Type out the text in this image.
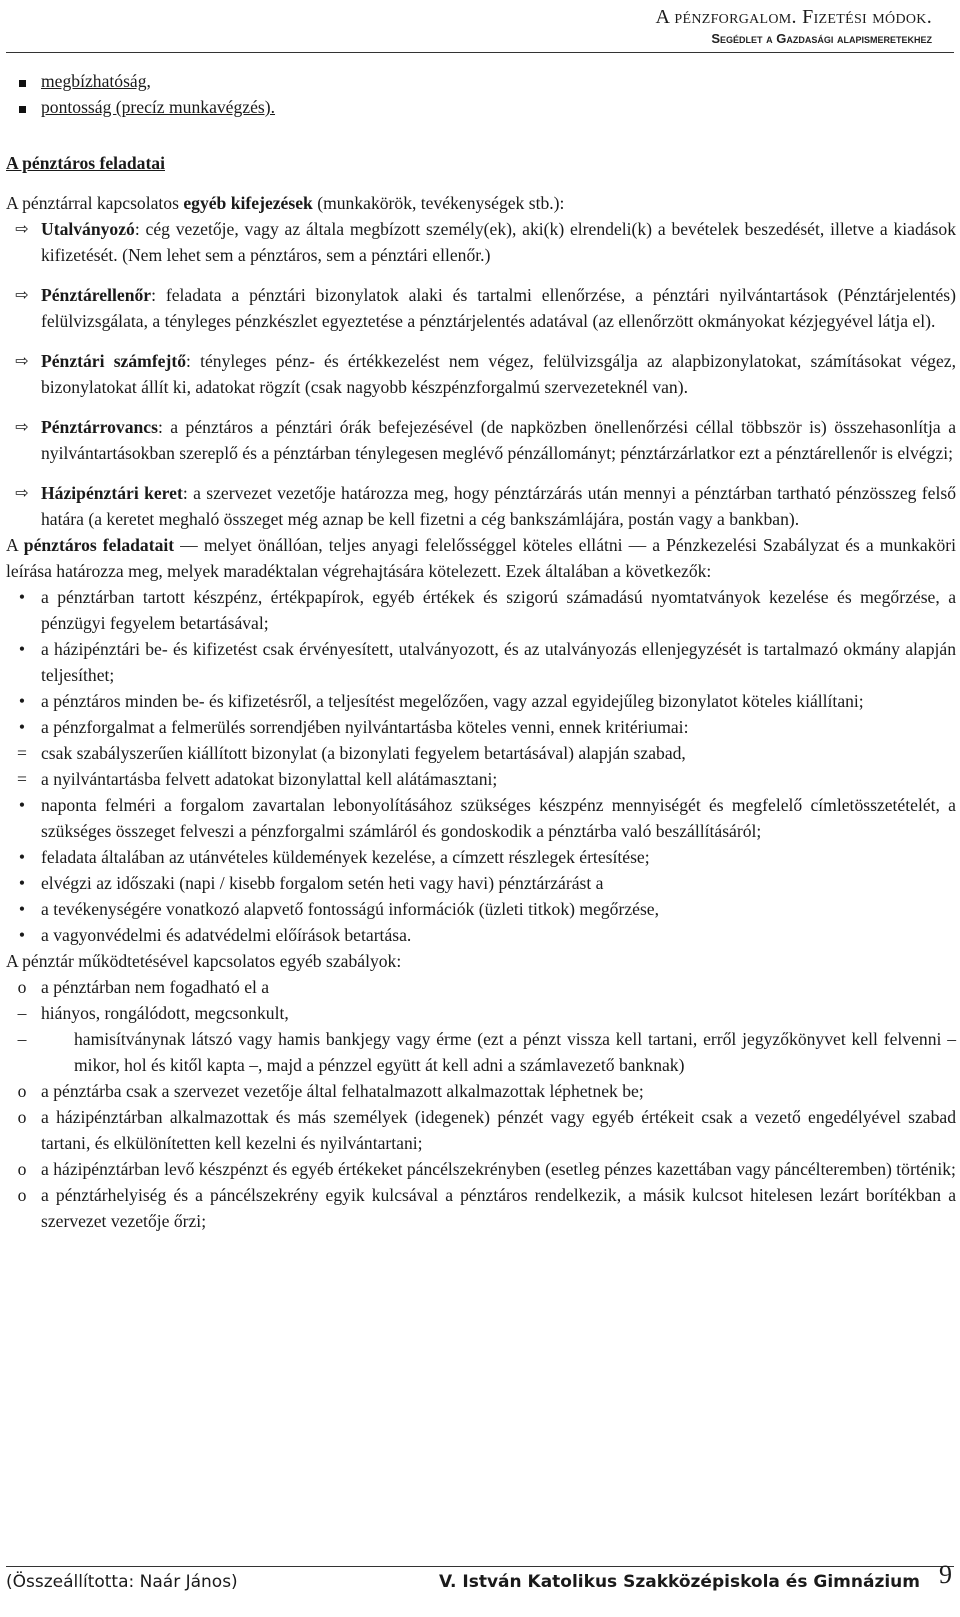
A pénzforgalom. Fizetési módok.
Segédlet a Gazdasági alapismeretekhez
megbízhatóság,
pontosság (precíz munkavégzés).

A pénztáros feladatai

A pénztárral kapcsolatos egyéb kifejezések (munkakörök, tevékenységek stb.):

⇨ Utalványozó: cég vezetője, vagy az általa megbízott személy(ek), aki(k) elrendeli(k) a bevételek beszedését, illetve a kiadások kifizetését. (Nem lehet sem a pénztáros, sem a pénztári ellenőr.)
⇨ Pénztárellenőr: feladata a pénztári bizonylatok alaki és tartalmi ellenőrzése, a pénztári nyilvántartások (Pénztárjelentés) felülvizsgálata, a tényleges pénzkészlet egyeztetése a pénztárjelentés adatával (az ellenőrzött okmányokat kézjegyével látja el).
⇨ Pénztári számfejtő: tényleges pénz- és értékkezelést nem végez, felülvizsgálja az alapbizonylatokat, számításokat végez, bizonylatokat állít ki, adatokat rögzít (csak nagyobb készpénzforgalmú szervezeteknél van).
⇨ Pénztárrovancs: a pénztáros a pénztári órák befejezésével (de napközben önellenőrzési céllal többször is) összehasonlítja a nyilvántartásokban szereplő és a pénztárban ténylegesen meglévő pénzállományt; pénztárzárlatkor ezt a pénztárellenőr is elvégzi;
⇨ Házipénztári keret: a szervezet vezetője határozza meg, hogy pénztárzárás után mennyi a pénztárban tartható pénzösszeg felső határa (a keretet meghaló összeget még aznap be kell fizetni a cég bankszámlájára, postán vagy a bankban).

A pénztáros feladatait — melyet önállóan, teljes anyagi felelősséggel köteles ellátni — a Pénzkezelési Szabályzat és a munkaköri leírása határozza meg, melyek maradéktalan végrehajtására kötelezett. Ezek általában a következők:

• a pénztárban tartott készpénz, értékpapírok, egyéb értékek és szigorú számadású nyomtatványok kezelése és megőrzése, a pénzügyi fegyelem betartásával;
• a házipénztári be- és kifizetést csak érvényesített, utalványozott, és az utalványozás ellenjegyzését is tartalmazó okmány alapján teljesíthet;
• a pénztáros minden be- és kifizetésről, a teljesítést megelőzően, vagy azzal egyidejűleg bizonylatot köteles kiállítani;
• a pénzforgalmat a felmerülés sorrendjében nyilvántartásba köteles venni, ennek kritériumai:
= csak szabályszerűen kiállított bizonylat (a bizonylati fegyelem betartásával) alapján szabad,
= a nyilvántartásba felvett adatokat bizonylattal kell alátámasztani;
• naponta felméri a forgalom zavartalan lebonyolításához szükséges készpénz mennyiségét és megfelelő címletösszetételét, a szükséges összeget felveszi a pénzforgalmi számláról és gondoskodik a pénztárba való beszállításáról;
• feladata általában az utánvételes küldemények kezelése, a címzett részlegek értesítése;
• elvégzi az időszaki (napi / kisebb forgalom setén heti vagy havi) pénztárzárást a
• a tevékenységére vonatkozó alapvető fontosságú információk (üzleti titkok) megőrzése,
• a vagyonvédelmi és adatvédelmi előírások betartása.

A pénztár működtetésével kapcsolatos egyéb szabályok:

o a pénztárban nem fogadható el a
– hiányos, rongálódott, megcsonkult,
–	hamisítványnak látszó vagy hamis bankjegy vagy érme (ezt a pénzt vissza kell tartani, erről jegyzőkönyvet kell felvenni – mikor, hol és kitől kapta –, majd a pénzzel együtt át kell adni a számlavezető banknak)
o a pénztárba csak a szervezet vezetője által felhatalmazott alkalmazottak léphetnek be;
o a házipénztárban alkalmazottak és más személyek (idegenek) pénzét vagy egyéb értékeit csak a vezető engedélyével szabad tartani, és elkülönítetten kell kezelni és nyilvántartani;
o a házipénztárban levő készpénzt és egyéb értékeket páncélszekrényben (esetleg pénzes kazettában vagy páncélteremben) történik;
o a pénztárhelyiség és a páncélszekrény egyik kulcsával a pénztáros rendelkezik, a másik kulcsot hitelesen lezárt borítékban a szervezet vezetője őrzi;
(Összeállította: Naár János)	V. István Katolikus Szakközépiskola és Gimnázium 9
